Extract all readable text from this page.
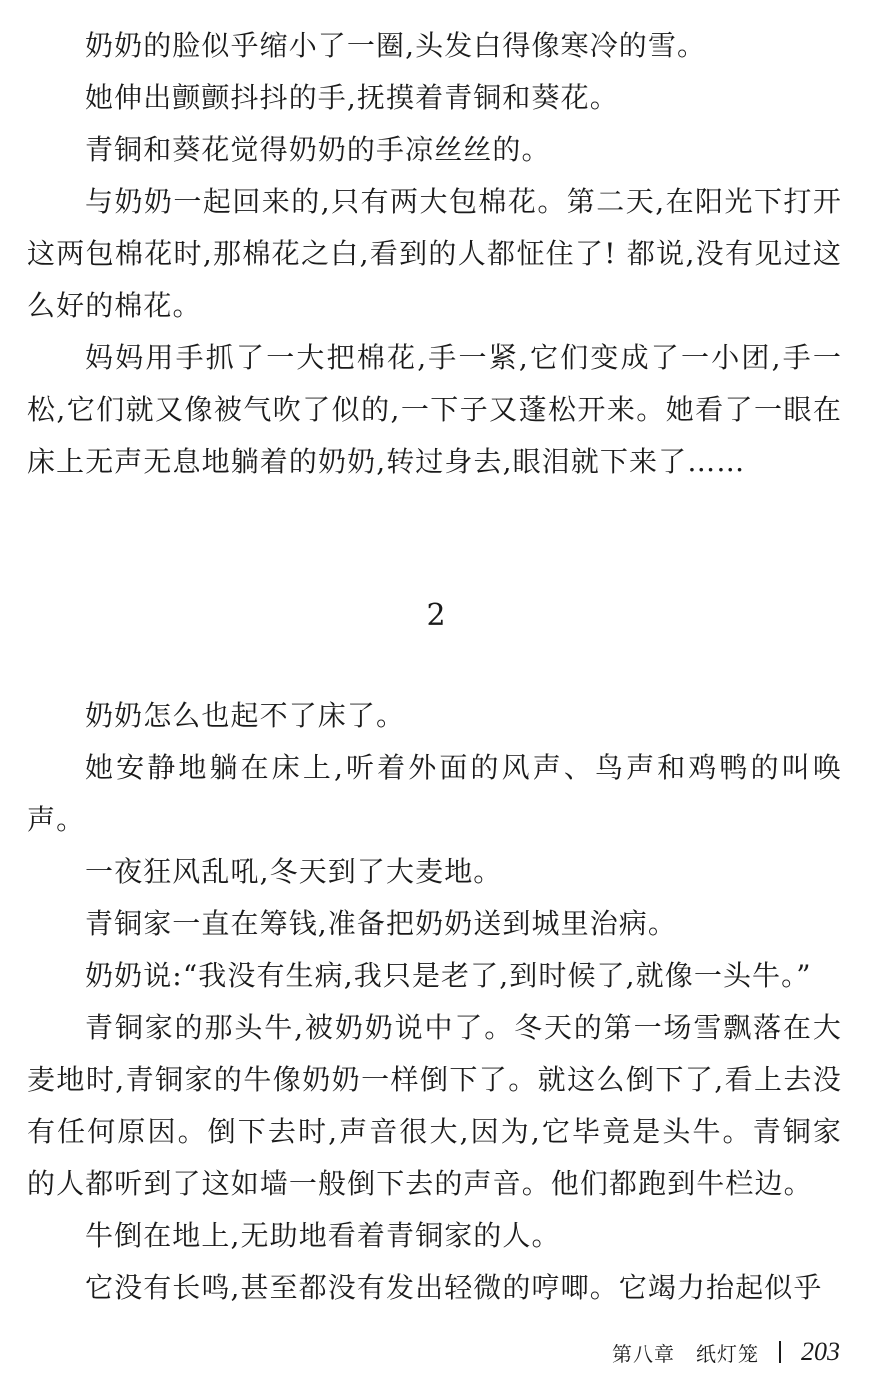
奶奶的脸似乎缩小了一圈,头发白得像寒冷的雪。

她伸出颤颤抖抖的手,抚摸着青铜和葵花。

青铜和葵花觉得奶奶的手凉丝丝的。

与奶奶一起回来的,只有两大包棉花。第二天,在阳光下打开这两包棉花时,那棉花之白,看到的人都怔住了! 都说,没有见过这么好的棉花。

妈妈用手抓了一大把棉花,手一紧,它们变成了一小团,手一松,它们就又像被气吹了似的,一下子又蓬松开来。她看了一眼在床上无声无息地躺着的奶奶,转过身去,眼泪就下来了……

2

奶奶怎么也起不了床了。

她安静地躺在床上,听着外面的风声、鸟声和鸡鸭的叫唤声。

一夜狂风乱吼,冬天到了大麦地。

青铜家一直在筹钱,准备把奶奶送到城里治病。

奶奶说:“我没有生病,我只是老了,到时候了,就像一头牛。”

青铜家的那头牛,被奶奶说中了。冬天的第一场雪飘落在大麦地时,青铜家的牛像奶奶一样倒下了。就这么倒下了,看上去没有任何原因。倒下去时,声音很大,因为,它毕竟是头牛。青铜家的人都听到了这如墙一般倒下去的声音。他们都跑到牛栏边。

牛倒在地上,无助地看着青铜家的人。

它没有长鸣,甚至都没有发出轻微的哼唧。它竭力抬起似乎

第八章　纸灯笼 203
